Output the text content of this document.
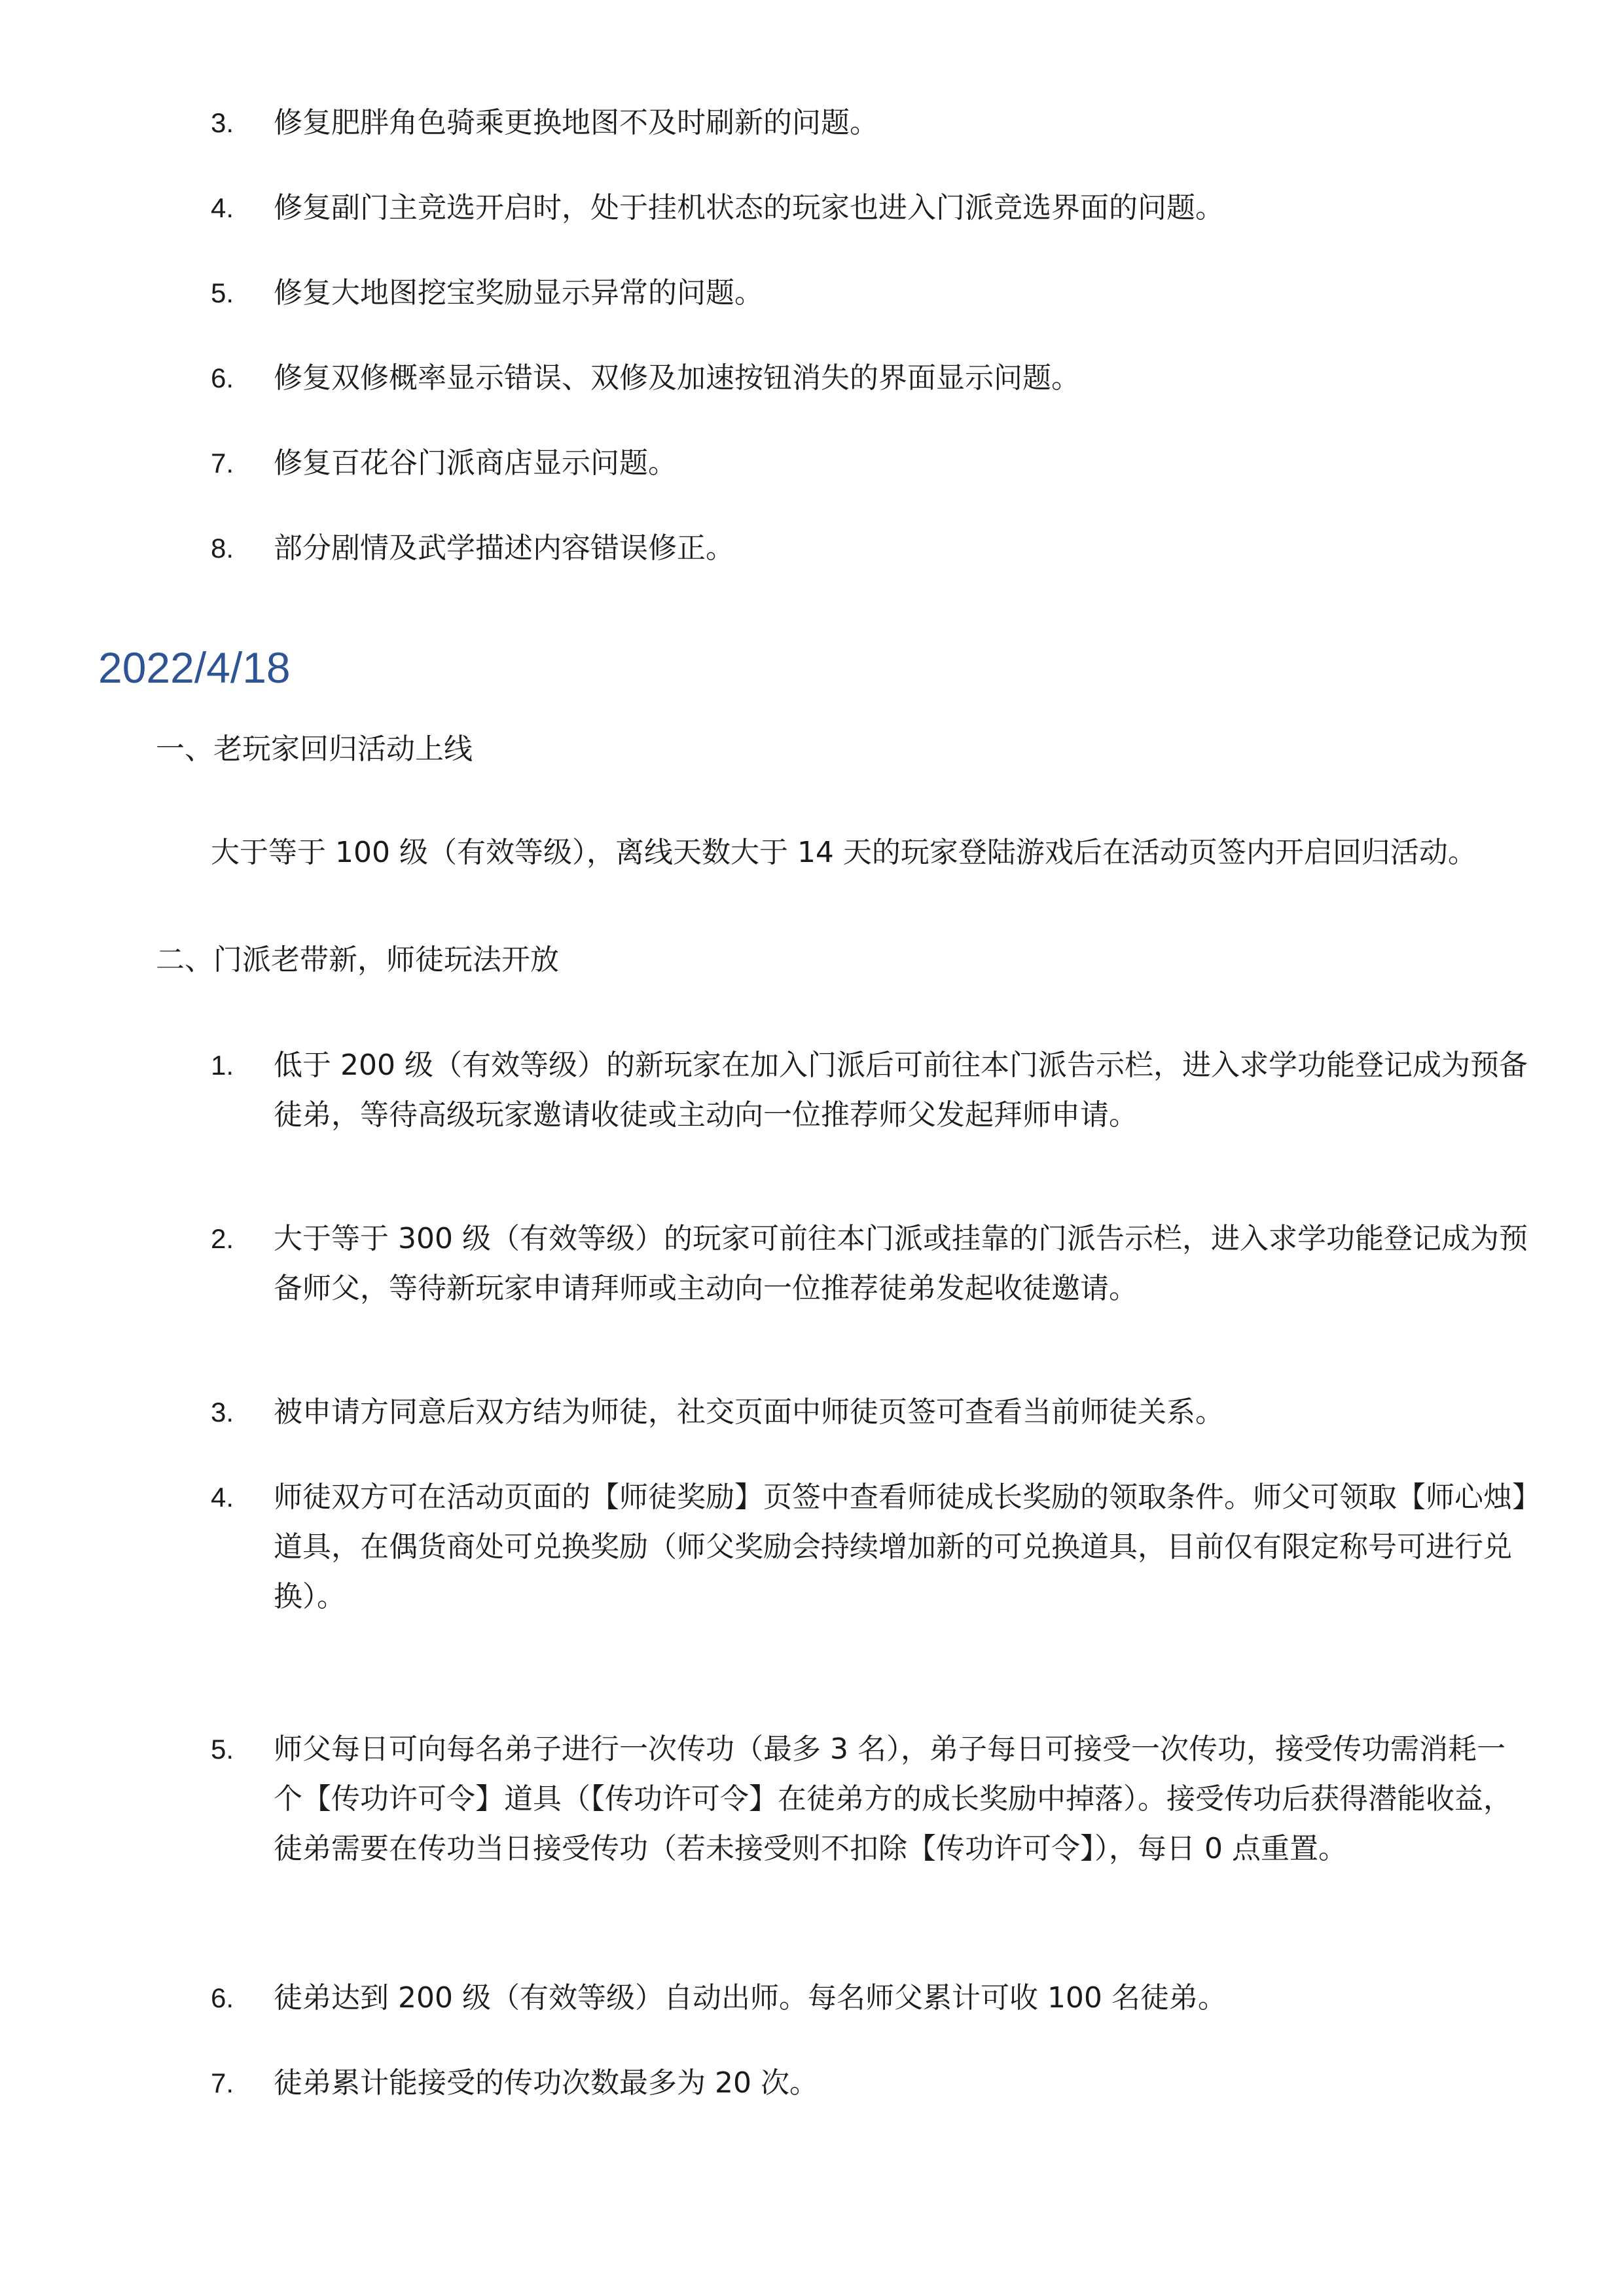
3.	修复肥胖角色骑乘更换地图不及时刷新的问题。
4.	修复副门主竞选开启时，处于挂机状态的玩家也进入门派竞选界面的问题。
5.	修复大地图挖宝奖励显示异常的问题。
6.	修复双修概率显示错误、双修及加速按钮消失的界面显示问题。
7.	修复百花谷门派商店显示问题。
8.	部分剧情及武学描述内容错误修正。
2022/4/18
一、老玩家回归活动上线
大于等于 100 级（有效等级），离线天数大于 14 天的玩家登陆游戏后在活动页签内开启回归活动。
二、门派老带新，师徒玩法开放
1.	低于 200 级（有效等级）的新玩家在加入门派后可前往本门派告示栏，进入求学功能登记成为预备徒弟，等待高级玩家邀请收徒或主动向一位推荐师父发起拜师申请。
2.	大于等于 300 级（有效等级）的玩家可前往本门派或挂靠的门派告示栏，进入求学功能登记成为预备师父，等待新玩家申请拜师或主动向一位推荐徒弟发起收徒邀请。
3.	被申请方同意后双方结为师徒，社交页面中师徒页签可查看当前师徒关系。
4.	师徒双方可在活动页面的【师徒奖励】页签中查看师徒成长奖励的领取条件。师父可领取【师心烛】道具，在偶货商处可兑换奖励（师父奖励会持续增加新的可兑换道具，目前仅有限定称号可进行兑换）。
5.	师父每日可向每名弟子进行一次传功（最多 3 名），弟子每日可接受一次传功，接受传功需消耗一个【传功许可令】道具（【传功许可令】在徒弟方的成长奖励中掉落）。接受传功后获得潜能收益，徒弟需要在传功当日接受传功（若未接受则不扣除【传功许可令】），每日 0 点重置。
6.	徒弟达到 200 级（有效等级）自动出师。每名师父累计可收 100 名徒弟。
7.	徒弟累计能接受的传功次数最多为 20 次。
